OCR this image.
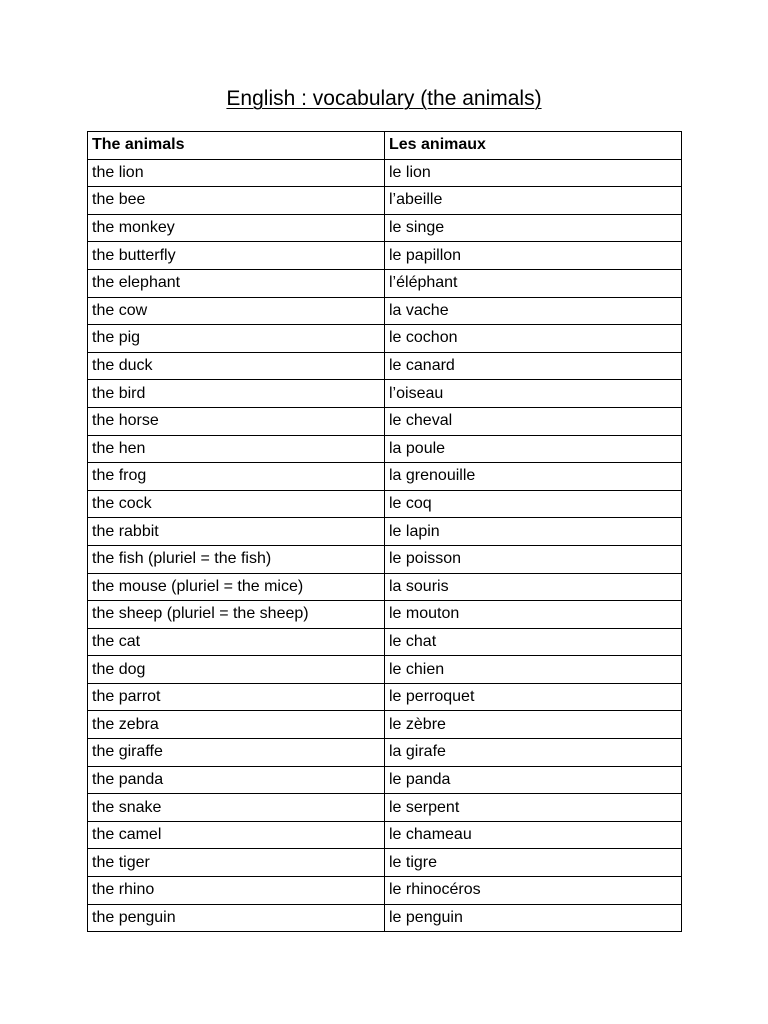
English : vocabulary (the animals)
The animals	Les animaux
the lion	le lion
the bee	l’abeille
the monkey	le singe
the butterfly	le papillon
the elephant	l’éléphant
the cow	la vache
the pig	le cochon
the duck	le canard
the bird	l’oiseau
the horse	le cheval
the hen	la poule
the frog	la grenouille
the cock	le coq
the rabbit	le lapin
the fish (pluriel = the fish)	le poisson
the mouse (pluriel = the mice)	la souris
the sheep (pluriel = the sheep)	le mouton
the cat	le chat
the dog	le chien
the parrot	le perroquet
the zebra	le zèbre
the giraffe	la girafe
the panda	le panda
the snake	le serpent
the camel	le chameau
the tiger	le tigre
the rhino	le rhinocéros
the penguin	le penguin
